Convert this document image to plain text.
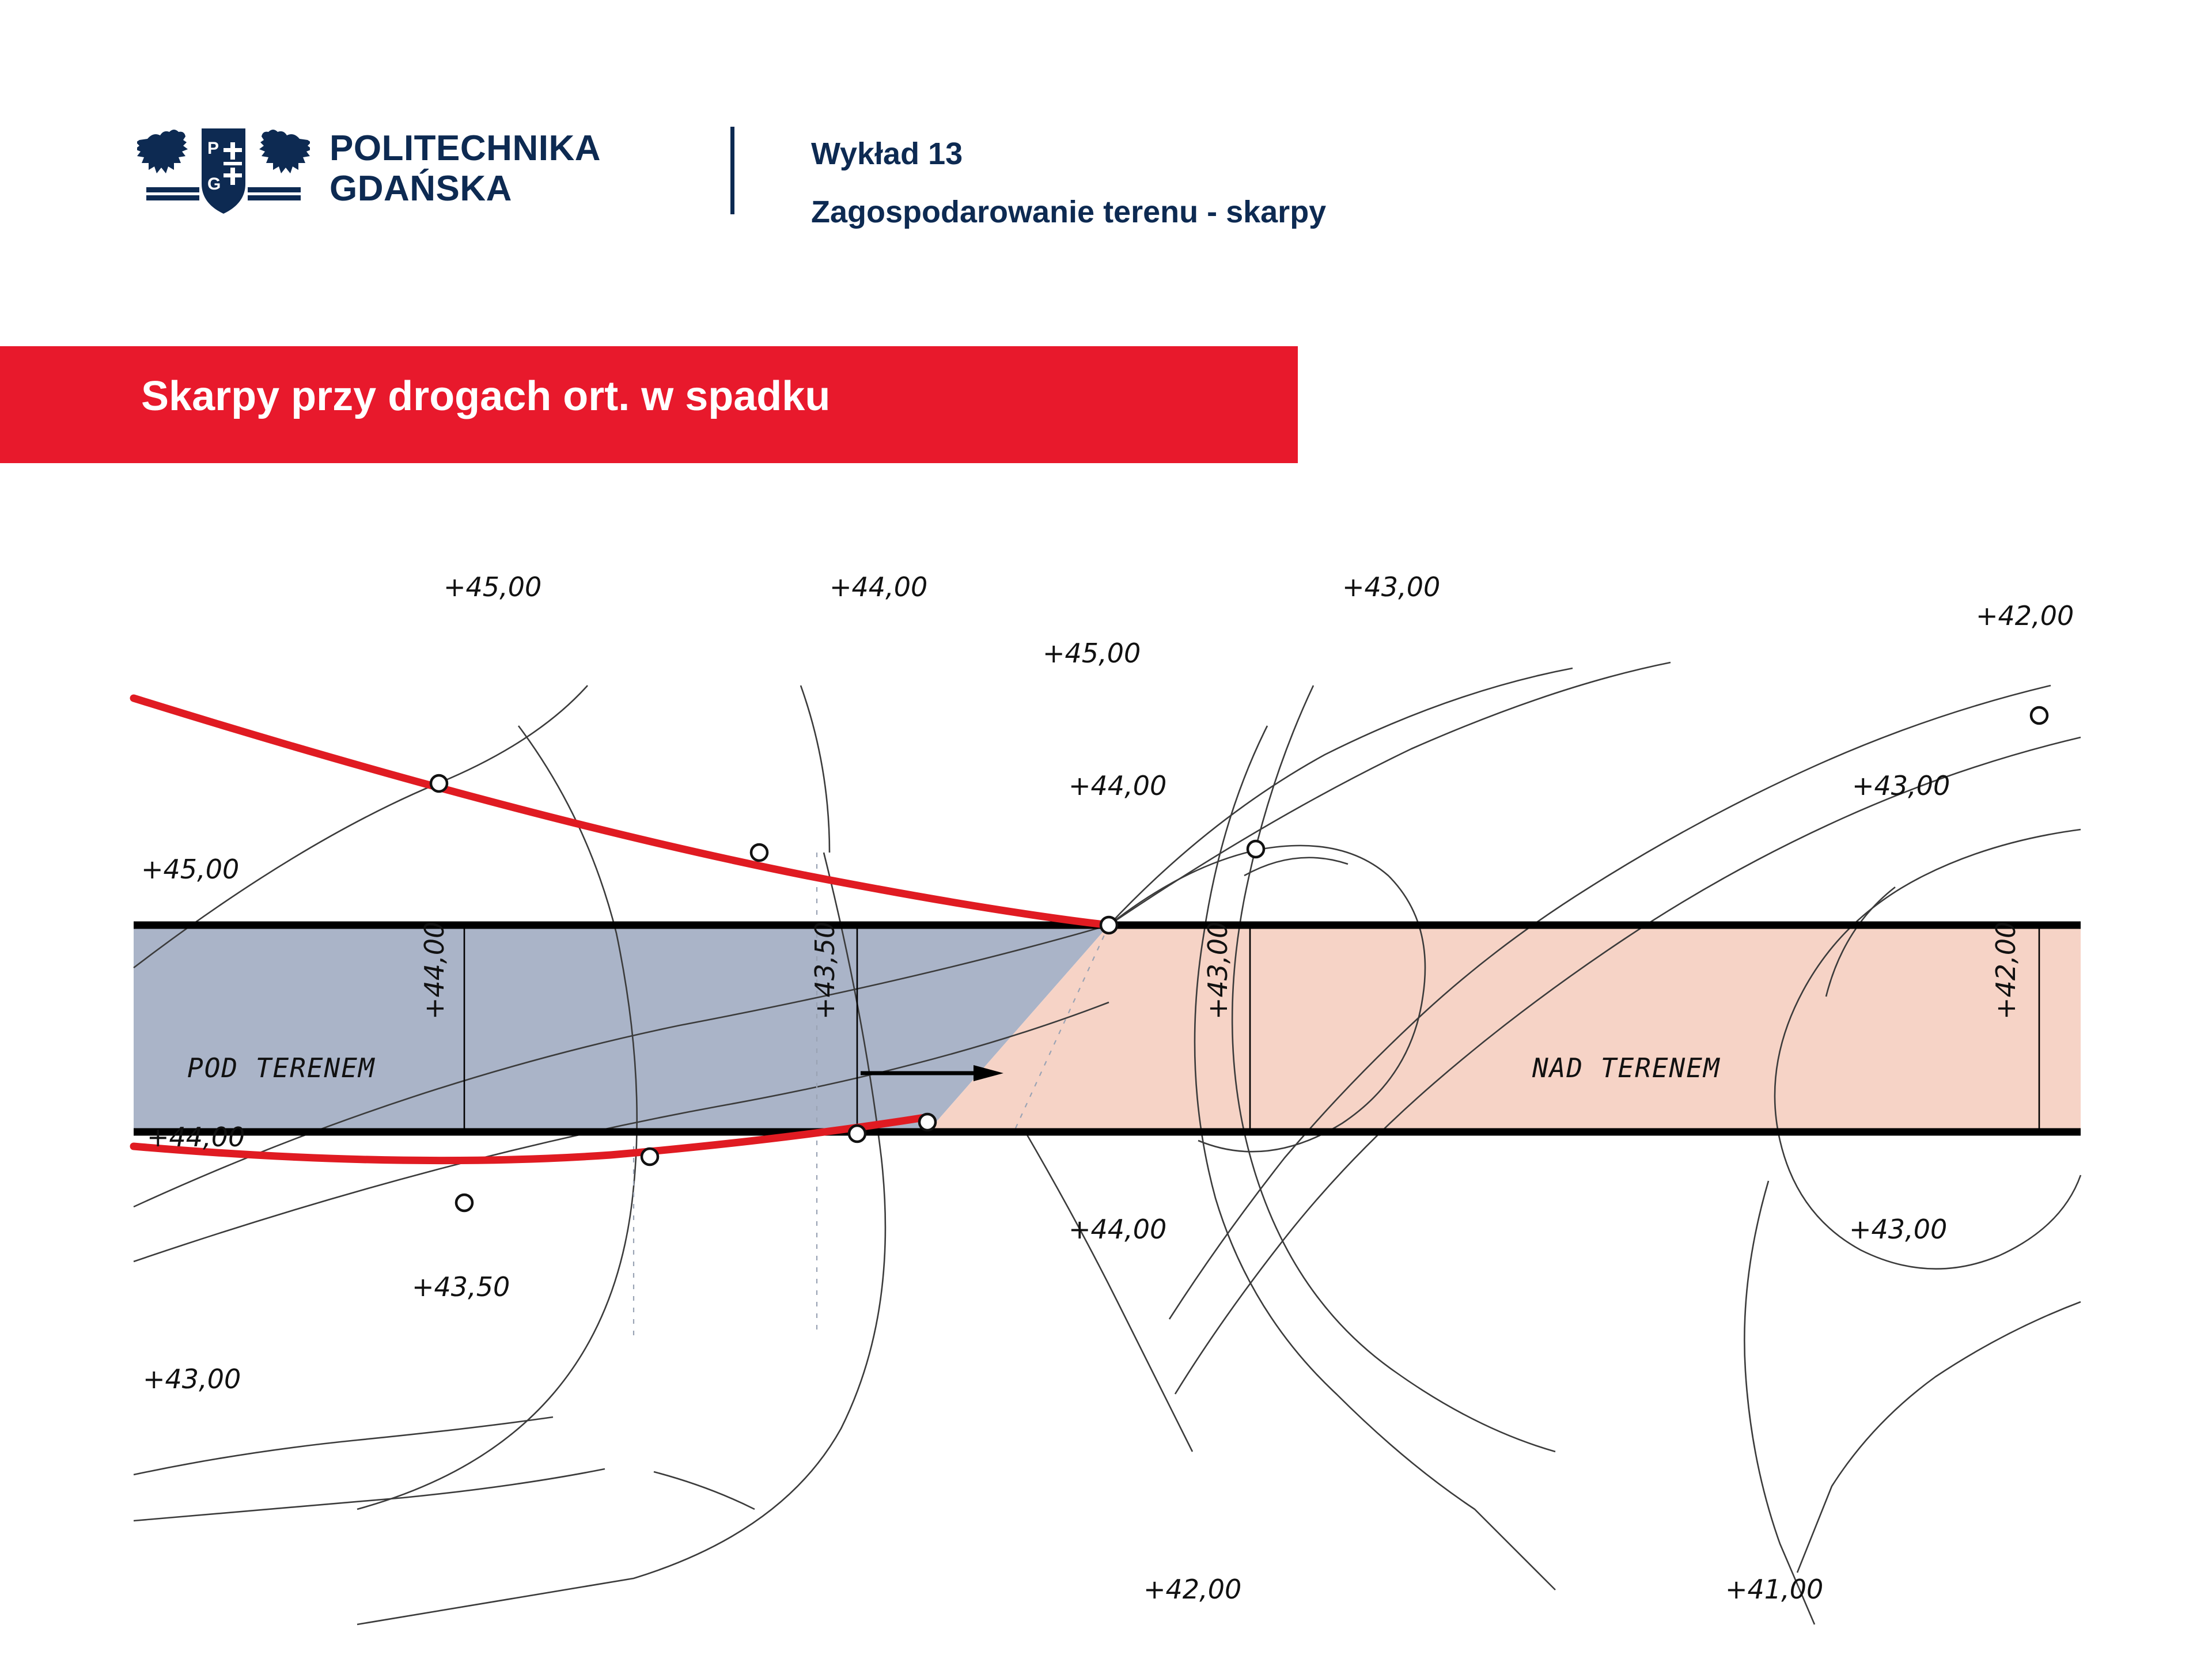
P
G
POLITECHNIKA
GDAŃSKA
Wykład 13
Zagospodarowanie terenu - skarpy
Skarpy przy drogach ort. w spadku
POD TERENEM	NAD TERENEM
+44,00	+43,50	+43,00	+42,00
+45,00	+44,00	+43,00
+42,00
+45,00
+44,00	+43,00
+45,00
+44,00
+44,00	+43,00
+43,50
+43,00
+42,00	+41,00
